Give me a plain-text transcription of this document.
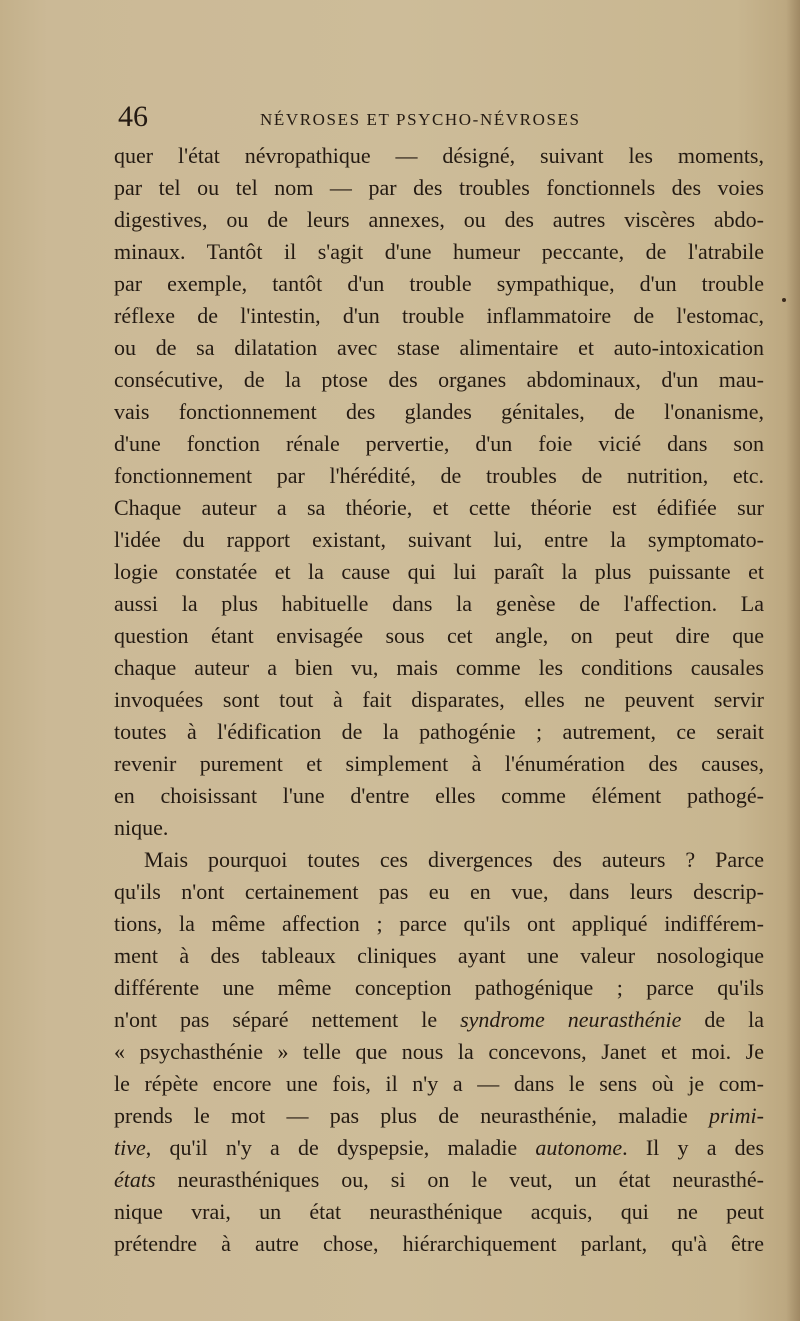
46	NÉVROSES ET PSYCHO-NÉVROSES
quer l'état névropathique — désigné, suivant les moments,
par tel ou tel nom — par des troubles fonctionnels des voies
digestives, ou de leurs annexes, ou des autres viscères abdo-
minaux. Tantôt il s'agit d'une humeur peccante, de l'atrabile
par exemple, tantôt d'un trouble sympathique, d'un trouble
réflexe de l'intestin, d'un trouble inflammatoire de l'estomac,
ou de sa dilatation avec stase alimentaire et auto-intoxication
consécutive, de la ptose des organes abdominaux, d'un mau-
vais fonctionnement des glandes génitales, de l'onanisme,
d'une fonction rénale pervertie, d'un foie vicié dans son
fonctionnement par l'hérédité, de troubles de nutrition, etc.
Chaque auteur a sa théorie, et cette théorie est édifiée sur
l'idée du rapport existant, suivant lui, entre la symptomato-
logie constatée et la cause qui lui paraît la plus puissante et
aussi la plus habituelle dans la genèse de l'affection. La
question étant envisagée sous cet angle, on peut dire que
chaque auteur a bien vu, mais comme les conditions causales
invoquées sont tout à fait disparates, elles ne peuvent servir
toutes à l'édification de la pathogénie ; autrement, ce serait
revenir purement et simplement à l'énumération des causes,
en choisissant l'une d'entre elles comme élément pathogé-
nique.
Mais pourquoi toutes ces divergences des auteurs ? Parce
qu'ils n'ont certainement pas eu en vue, dans leurs descrip-
tions, la même affection ; parce qu'ils ont appliqué indifférem-
ment à des tableaux cliniques ayant une valeur nosologique
différente une même conception pathogénique ; parce qu'ils
n'ont pas séparé nettement le syndrome neurasthénie de la
« psychasthénie » telle que nous la concevons, Janet et moi. Je
le répète encore une fois, il n'y a — dans le sens où je com-
prends le mot — pas plus de neurasthénie, maladie primi-
tive, qu'il n'y a de dyspepsie, maladie autonome. Il y a des
états neurasthéniques ou, si on le veut, un état neurasthé-
nique vrai, un état neurasthénique acquis, qui ne peut
prétendre à autre chose, hiérarchiquement parlant, qu'à être
